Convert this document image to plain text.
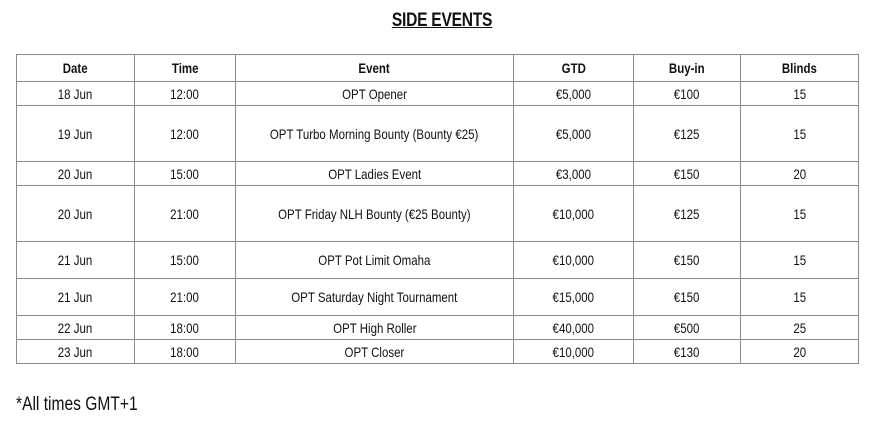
SIDE EVENTS
Date	Time	Event	GTD	Buy-in	Blinds
18 Jun	12:00	OPT Opener	€5,000	€100	15
19 Jun	12:00	OPT Turbo Morning Bounty (Bounty €25)	€5,000	€125	15
20 Jun	15:00	OPT Ladies Event	€3,000	€150	20
20 Jun	21:00	OPT Friday NLH Bounty (€25 Bounty)	€10,000	€125	15
21 Jun	15:00	OPT Pot Limit Omaha	€10,000	€150	15
21 Jun	21:00	OPT Saturday Night Tournament	€15,000	€150	15
22 Jun	18:00	OPT High Roller	€40,000	€500	25
23 Jun	18:00	OPT Closer	€10,000	€130	20
*All times GMT+1
